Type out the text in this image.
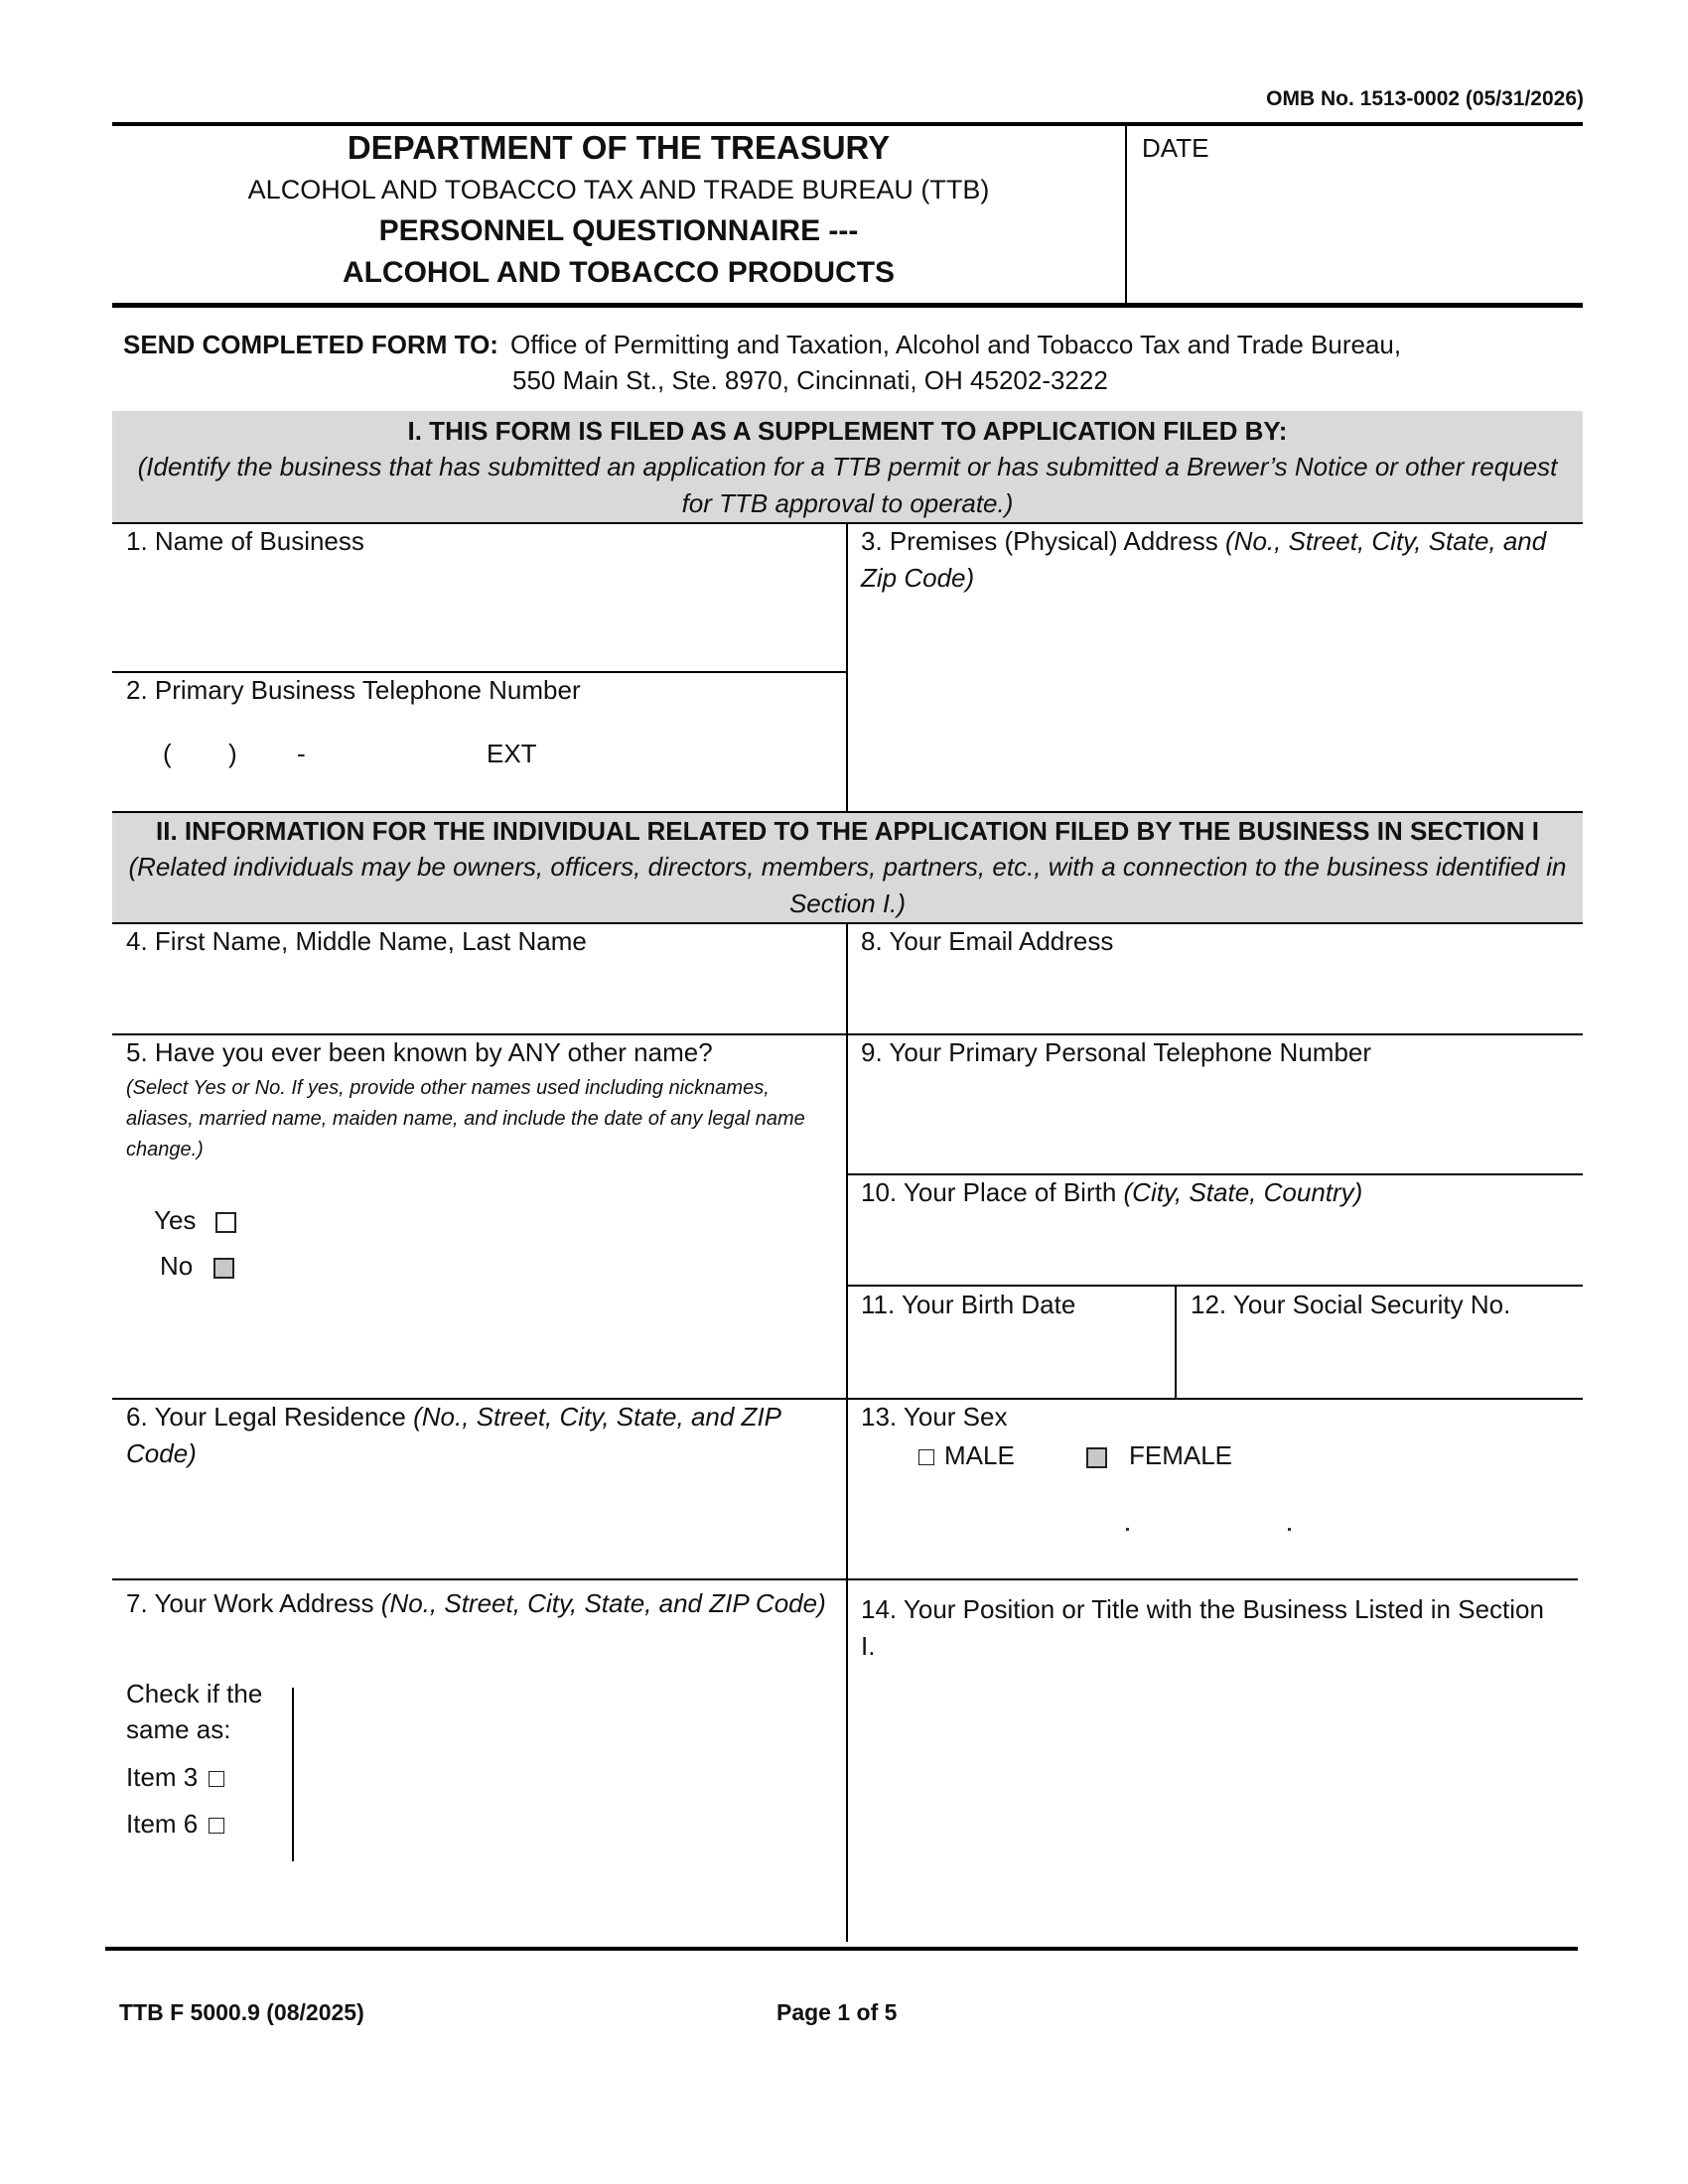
OMB No. 1513-0002 (05/31/2026)
DEPARTMENT OF THE TREASURY
ALCOHOL AND TOBACCO TAX AND TRADE BUREAU (TTB)
PERSONNEL QUESTIONNAIRE ---
ALCOHOL AND TOBACCO PRODUCTS
DATE
SEND COMPLETED FORM TO: Office of Permitting and Taxation, Alcohol and Tobacco Tax and Trade Bureau,
550 Main St., Ste. 8970, Cincinnati, OH 45202-3222
I. THIS FORM IS FILED AS A SUPPLEMENT TO APPLICATION FILED BY:
(Identify the business that has submitted an application for a TTB permit or has submitted a Brewer’s Notice or other request for TTB approval to operate.)
1. Name of Business
2. Primary Business Telephone Number
( ) -	EXT
3. Premises (Physical) Address (No., Street, City, State, and Zip Code)
II. INFORMATION FOR THE INDIVIDUAL RELATED TO THE APPLICATION FILED BY THE BUSINESS IN SECTION I
(Related individuals may be owners, officers, directors, members, partners, etc., with a connection to the business identified in Section I.)
4. First Name, Middle Name, Last Name
5. Have you ever been known by ANY other name?
(Select Yes or No. If yes, provide other names used including nicknames, aliases, married name, maiden name, and include the date of any legal name change.)
Yes
No
6. Your Legal Residence (No., Street, City, State, and ZIP Code)
7. Your Work Address (No., Street, City, State, and ZIP Code)
Check if the
same as:
Item 3
Item 6
8. Your Email Address
9. Your Primary Personal Telephone Number
10. Your Place of Birth (City, State, Country)
11. Your Birth Date	12. Your Social Security No.
13. Your Sex
MALE	FEMALE
14. Your Position or Title with the Business Listed in Section I.
TTB F 5000.9 (08/2025)	Page 1 of 5
